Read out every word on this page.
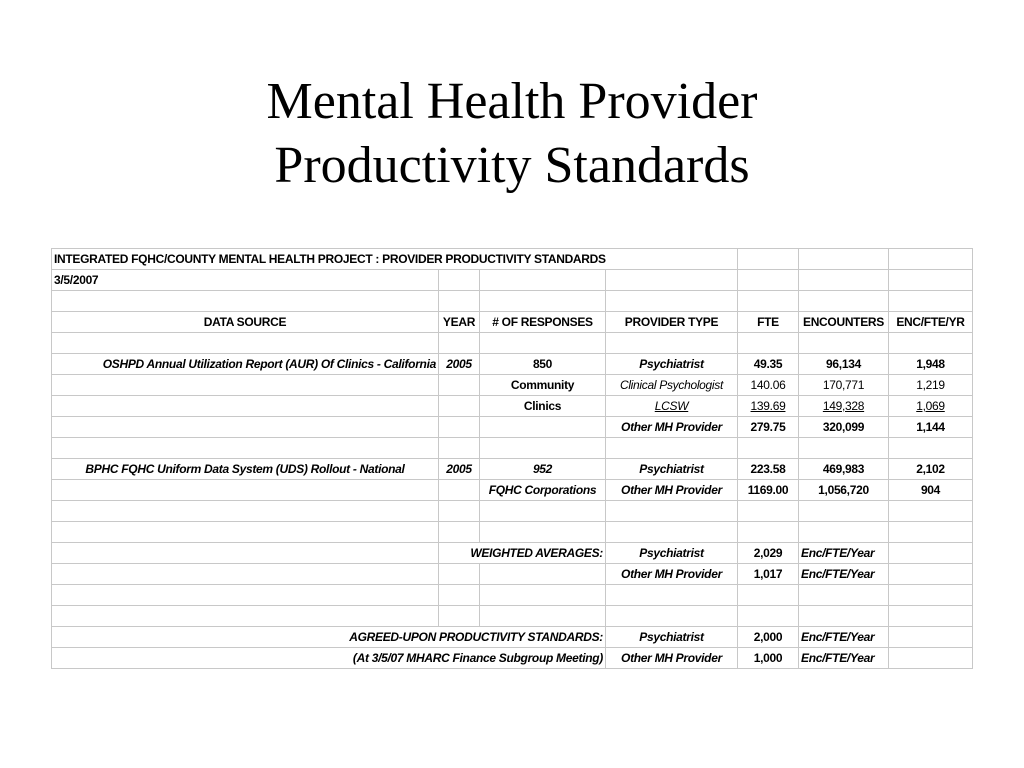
Mental Health Provider
Productivity Standards
INTEGRATED FQHC/COUNTY MENTAL HEALTH PROJECT : PROVIDER PRODUCTIVITY STANDARDS						
3/5/2007						

DATA SOURCE	YEAR	# OF RESPONSES	PROVIDER TYPE	FTE	ENCOUNTERS	ENC/FTE/YR

OSHPD Annual Utilization Report (AUR) Of Clinics - California	2005	850	Psychiatrist	49.35	96,134	1,948
		Community	Clinical Psychologist	140.06	170,771	1,219
		Clinics	LCSW	139.69	149,328	1,069
			Other MH Provider	279.75	320,099	1,144

BPHC FQHC Uniform Data System (UDS) Rollout - National	2005	952	Psychiatrist	223.58	469,983	2,102
		FQHC Corporations	Other MH Provider	1169.00	1,056,720	904

	WEIGHTED AVERAGES:		Psychiatrist	2,029	Enc/FTE/Year	
			Other MH Provider	1,017	Enc/FTE/Year	

AGREED-UPON PRODUCTIVITY STANDARDS:			Psychiatrist	2,000	Enc/FTE/Year	
(At 3/5/07 MHARC Finance Subgroup Meeting)			Other MH Provider	1,000	Enc/FTE/Year	
